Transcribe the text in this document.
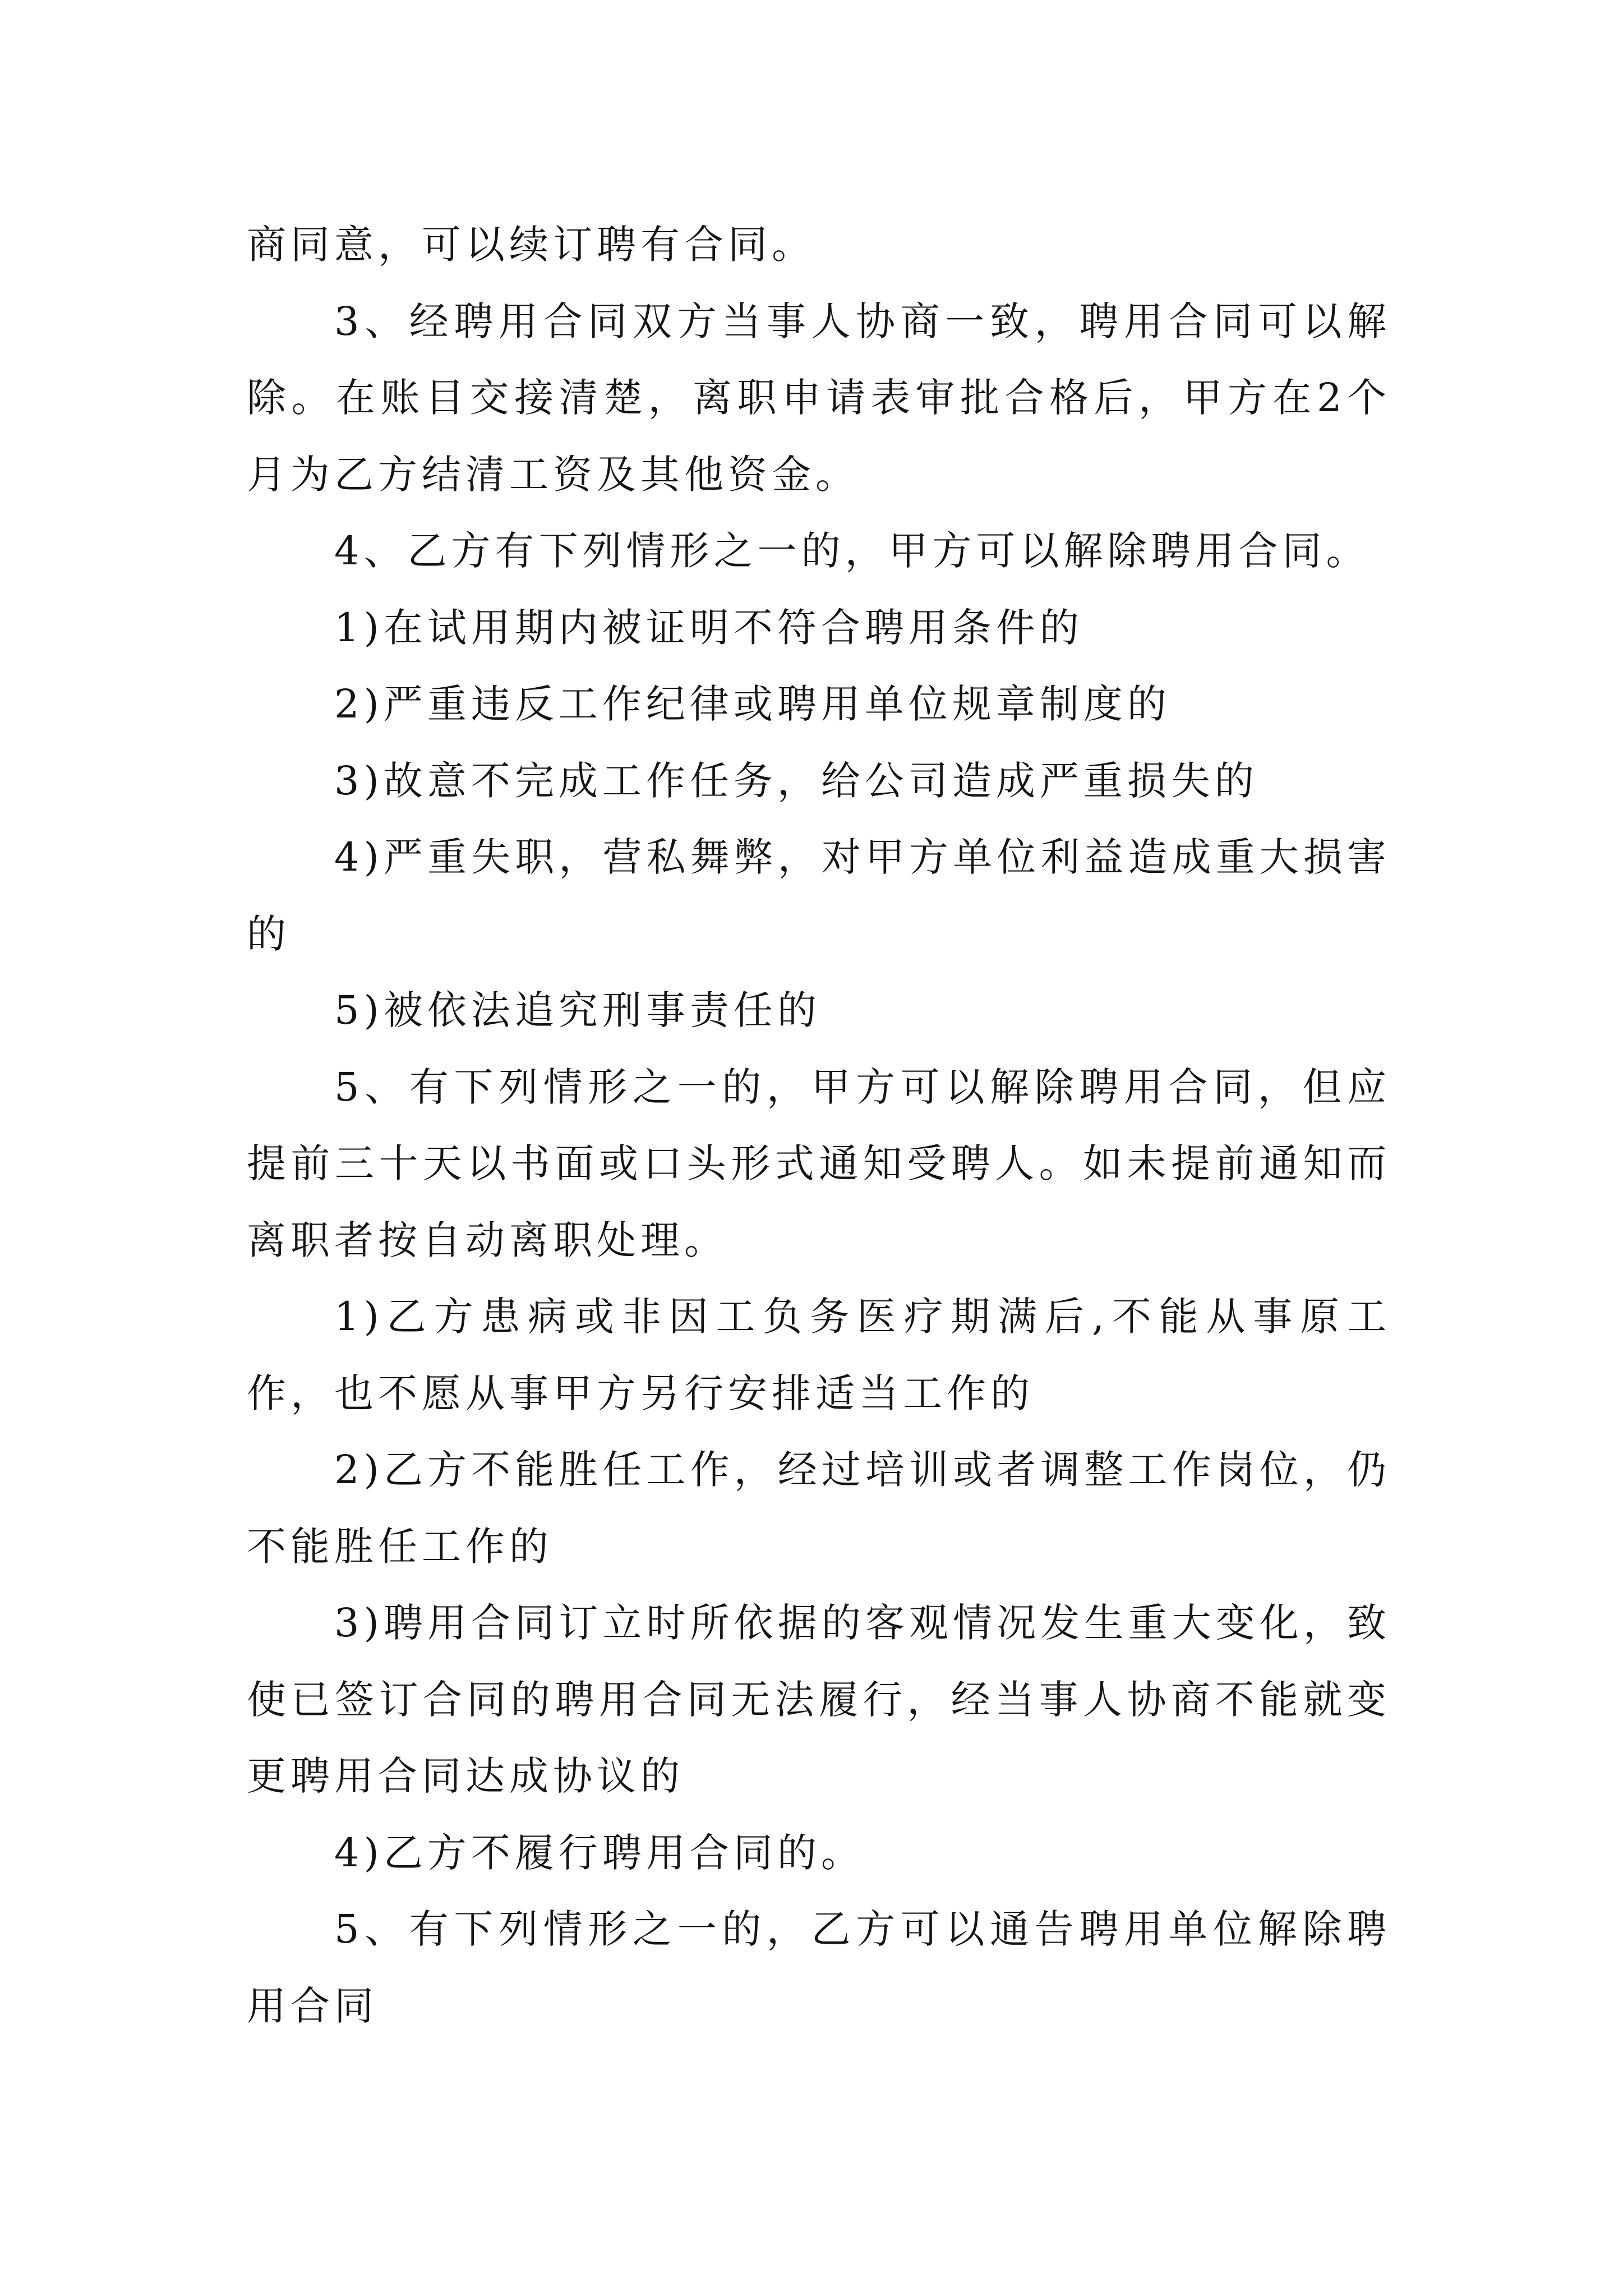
商同意，可以续订聘有合同。

3、经聘用合同双方当事人协商一致，聘用合同可以解除。在账目交接清楚，离职申请表审批合格后，甲方在2个月为乙方结清工资及其他资金。

4、乙方有下列情形之一的，甲方可以解除聘用合同。

1)在试用期内被证明不符合聘用条件的

2)严重违反工作纪律或聘用单位规章制度的

3)故意不完成工作任务，给公司造成严重损失的

4)严重失职，营私舞弊，对甲方单位利益造成重大损害的

5)被依法追究刑事责任的

5、有下列情形之一的，甲方可以解除聘用合同，但应提前三十天以书面或口头形式通知受聘人。如未提前通知而离职者按自动离职处理。

1)乙方患病或非因工负务医疗期满后,不能从事原工作，也不愿从事甲方另行安排适当工作的

2)乙方不能胜任工作，经过培训或者调整工作岗位，仍不能胜任工作的

3)聘用合同订立时所依据的客观情况发生重大变化，致使已签订合同的聘用合同无法履行，经当事人协商不能就变更聘用合同达成协议的

4)乙方不履行聘用合同的。

5、有下列情形之一的，乙方可以通告聘用单位解除聘用合同
